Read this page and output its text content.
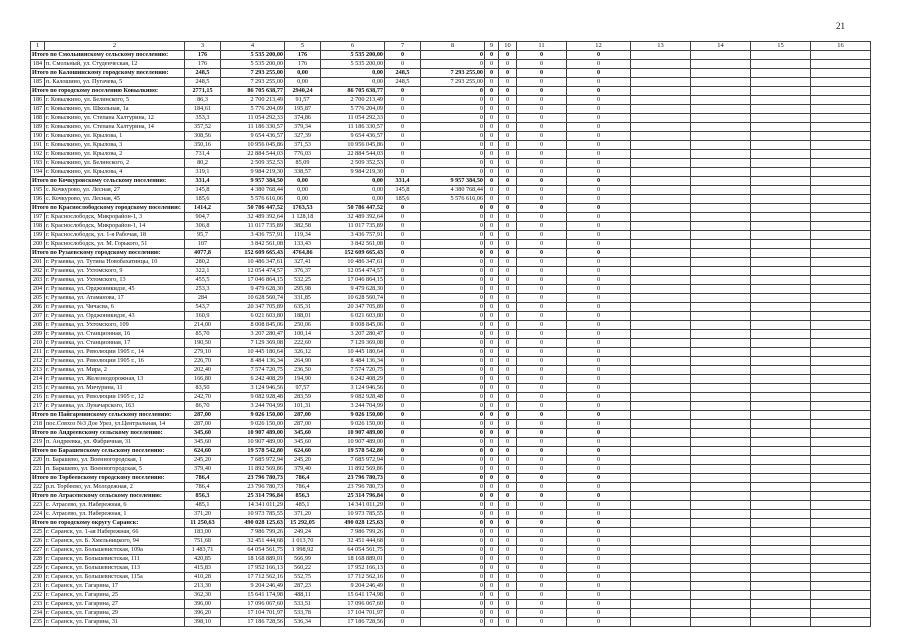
21
1	2	3	4	5	6	7	8	9	10	11	12	13	14	15	16
Итого по Смольнинскому сельскому поселению:		176	5 535 200,00	176	5 535 200,00	0	0	0	0	0	0				
184	п. Смольный, ул. Студенческая, 12	176	5 535 200,00	176	5 535 200,00	0	0	0	0	0	0				
Итого по Калошинскому городскому поселению:		248,5	7 293 255,00	0,00	0,00	248,5	7 293 255,00	0	0	0	0				
185	п. Калошино, ул. Пугачева, 5	248,5	7 293 255,00	0,00	0,00	248,5	7 293 255,00	0	0	0	0				
Итого по городскому поселению Ковылкино:		2771,15	86 705 638,77	2940,24	86 705 638,77	0	0	0	0	0	0				
186	г. Ковылкино, ул. Белинского, 5	86,3	2 700 213,49	91,57	2 700 213,49	0	0	0	0	0	0				
187	г. Ковылкино, ул. Школьная, 1а	184,61	5 776 204,09	195,87	5 776 204,09	0	0	0	0	0	0				
188	г. Ковылкино, ул. Степана Халтурина, 12	353,3	11 054 292,33	374,86	11 054 292,33	0	0	0	0	0	0				
189	г. Ковылкино, ул. Степана Халтурина, 14	357,52	11 186 330,57	379,34	11 186 330,57	0	0	0	0	0	0				
190	г. Ковылкино, ул. Крылова, 1	308,56	9 654 436,57	327,39	9 654 436,57	0	0	0	0	0	0				
191	г. Ковылкино, ул. Крылова, 3	350,16	10 956 045,86	371,53	10 956 045,86	0	0	0	0	0	0				
192	г. Ковылкино, ул. Крылова, 2	731,4	22 884 544,03	776,03	22 884 544,03	0	0	0	0	0	0				
193	г. Ковылкино, ул. Белинского, 2	80,2	2 509 352,53	85,09	2 509 352,53	0	0	0	0	0	0				
194	г. Ковылкино, ул. Крылова, 4	319,1	9 984 219,30	338,57	9 984 219,30	0	0	0	0	0	0				
Итого по Кочкуровскому сельскому поселению:		331,4	9 957 384,50	0,00	0,00	331,4	9 957 384,50	0	0	0	0				
195	с. Кочкурово, ул. Лесная, 27	145,8	4 380 768,44	0,00	0,00	145,8	4 380 768,44	0	0	0	0				
196	с. Кочкурово, ул. Лесная, 45	185,6	5 576 616,06	0,00	0,00	185,6	5 576 616,06	0	0	0	0				
Итого по Краснослободскому городскому поселению:		1414,2	50 786 447,52	1763,53	50 786 447,52	0	0	0	0	0	0				
197	г. Краснослободск, Микрорайон-1, 3	904,7	32 489 392,64	1 128,18	32 489 392,64	0	0	0	0	0	0				
198	г. Краснослободск, Микрорайон-1, 14	306,8	11 017 735,89	382,58	11 017 735,89	0	0	0	0	0	0				
199	г. Краснослободск, ул. 1-я Рабочая, 18	95,7	3 436 757,91	119,34	3 436 757,91	0	0	0	0	0	0				
200	г. Краснослободск, ул. М. Горького, 51	107	3 842 561,08	133,43	3 842 561,08	0	0	0	0	0	0				
Итого по Рузаевскому городскому поселению:		4077,8	152 609 665,43	4764,86	152 609 665,43	0	0	0	0	0	0				
201	г. Рузаевка, ул. Тутина Новобахатинцы, 10	280,2	10 486 347,61	327,41	10 486 347,61	0	0	0	0	0	0				
202	г. Рузаевка, ул. Ухтомского, 9	322,1	12 054 474,57	376,37	12 054 474,57	0	0	0	0	0	0				
203	г. Рузаевка, ул. Ухтомского, 13	455,5	17 046 864,15	532,25	17 046 864,15	0	0	0	0	0	0				
204	г. Рузаевка, ул. Орджоникидзе, 45	253,3	9 479 628,30	295,98	9 479 628,30	0	0	0	0	0	0				
205	г. Рузаевка, ул. Атаманова, 17	284	10 628 560,74	331,85	10 628 560,74	0	0	0	0	0	0				
206	г. Рузаевка, ул. Чичасва, 6	543,7	20 347 705,89	635,31	20 347 705,89	0	0	0	0	0	0				
207	г. Рузаевка, ул. Орджоникидзе, 43	160,9	6 021 603,80	188,01	6 021 603,80	0	0	0	0	0	0				
208	г. Рузаевка, ул. Ухтомского, 109	214,00	8 008 845,06	250,06	8 008 845,06	0	0	0	0	0	0				
209	г. Рузаевка, ул. Станционная, 16	85,70	3 207 280,47	100,14	3 207 280,47	0	0	0	0	0	0				
210	г. Рузаевка, ул. Станционная, 17	190,50	7 129 369,08	222,60	7 129 369,08	0	0	0	0	0	0				
211	г. Рузаевка, ул. Революции 1905 г., 14	279,10	10 445 180,64	326,12	10 445 180,64	0	0	0	0	0	0				
212	г. Рузаевка, ул. Революции 1905 г., 16	226,70	8 484 136,34	264,90	8 484 136,34	0	0	0	0	0	0				
213	г. Рузаевка, ул. Мира, 2	202,40	7 574 720,75	236,50	7 574 720,75	0	0	0	0	0	0				
214	г. Рузаевка, ул. Железнодорожная, 13	166,80	6 242 408,29	194,90	6 242 408,29	0	0	0	0	0	0				
215	г. Рузаевка, ул. Мичурина, 11	83,50	3 124 946,56	97,57	3 124 946,56	0	0	0	0	0	0				
216	г. Рузаевка, ул. Революции 1905 г., 12	242,70	9 082 928,48	283,59	9 082 928,48	0	0	0	0	0	0				
217	г. Рузаевка, ул. Луначарского, 163	86,70	3 244 704,99	101,31	3 244 704,99	0	0	0	0	0	0				
Итого по Пайгарминскому сельскому поселению:		287,00	9 026 150,00	287,00	9 026 150,00	0	0	0	0	0	0				
218	пос.Совхоз №3 Дое Урез, ул.Центральная, 14	287,00	9 026 150,00	287,00	9 026 150,00	0	0	0	0	0	0				
Итого по Андреевскому сельскому поселению:		345,60	10 907 489,00	345,60	10 907 489,00	0	0	0	0	0	0				
219	п. Андреевка, ул. Фабричная, 31	345,60	10 907 489,00	345,60	10 907 489,00	0	0	0	0	0	0				
Итого по Барашевскому сельскому поселению:		624,60	19 578 542,80	624,60	19 578 542,80	0	0	0	0	0	0				
220	п. Барашево, ул. Военногородская, 1	245,20	7 685 972,94	245,20	7 685 972,94	0	0	0	0	0	0				
221	п. Барашево, ул. Военногородская, 5	379,40	11 892 569,86	379,40	11 892 569,86	0	0	0	0	0	0				
Итого по Торбеевскому городскому поселению:		786,4	23 796 780,73	786,4	23 796 780,73	0	0	0	0	0	0				
222	р.п. Торбеево, ул. Молодежная, 2	786,4	23 796 780,73	786,4	23 796 780,73	0	0	0	0	0	0				
Итого по Атрасевскому сельскому поселению:		856,3	25 314 796,84	856,3	25 314 796,84	0	0	0	0	0	0				
223	с. Атрасево, ул. Набережная, 6	485,1	14 341 011,29	485,1	14 341 011,29	0	0	0	0	0	0				
224	с. Атрасево, ул. Набережная, 1	371,20	10 973 785,55	371,20	10 973 785,55	0	0	0	0	0	0				
Итого по городскому округу Саранск:		11 250,63	490 028 125,63	15 292,05	490 028 125,63	0	0	0	0	0	0				
225	г. Саранск, ул. 1-ая Набережная, 66	183,00	7 986 799,26	249,24	7 986 799,26	0	0	0	0	0	0				
226	г. Саранск, ул. Б. Хмельницкого, 94	751,68	32 451 444,68	1 013,70	32 451 444,68	0	0	0	0	0	0				
227	г. Саранск, ул. Большевистская, 109а	1 483,71	64 054 561,75	1 998,92	64 054 561,75	0	0	0	0	0	0				
228	г. Саранск, ул. Большевистская, 111	420,85	18 168 889,01	566,99	18 168 889,01	0	0	0	0	0	0				
229	г. Саранск, ул. Большевистская, 113	415,83	17 952 166,13	560,22	17 952 166,13	0	0	0	0	0	0				
230	г. Саранск, ул. Большевистская, 115а	410,28	17 712 562,16	552,75	17 712 562,16	0	0	0	0	0	0				
231	г. Саранск, ул. Гагарина, 17	213,30	9 204 246,49	287,23	9 204 246,49	0	0	0	0	0	0				
232	г. Саранск, ул. Гагарина, 25	362,30	15 641 174,98	488,11	15 641 174,98	0	0	0	0	0	0				
233	г. Саранск, ул. Гагарина, 27	396,00	17 096 067,60	533,51	17 096 067,60	0	0	0	0	0	0				
234	г. Саранск, ул. Гагарина, 29	396,20	17 104 701,97	533,78	17 104 701,97	0	0	0	0	0	0				
235	г. Саранск, ул. Гагарина, 31	398,10	17 186 728,56	536,34	17 186 728,56	0	0	0	0	0	0				
